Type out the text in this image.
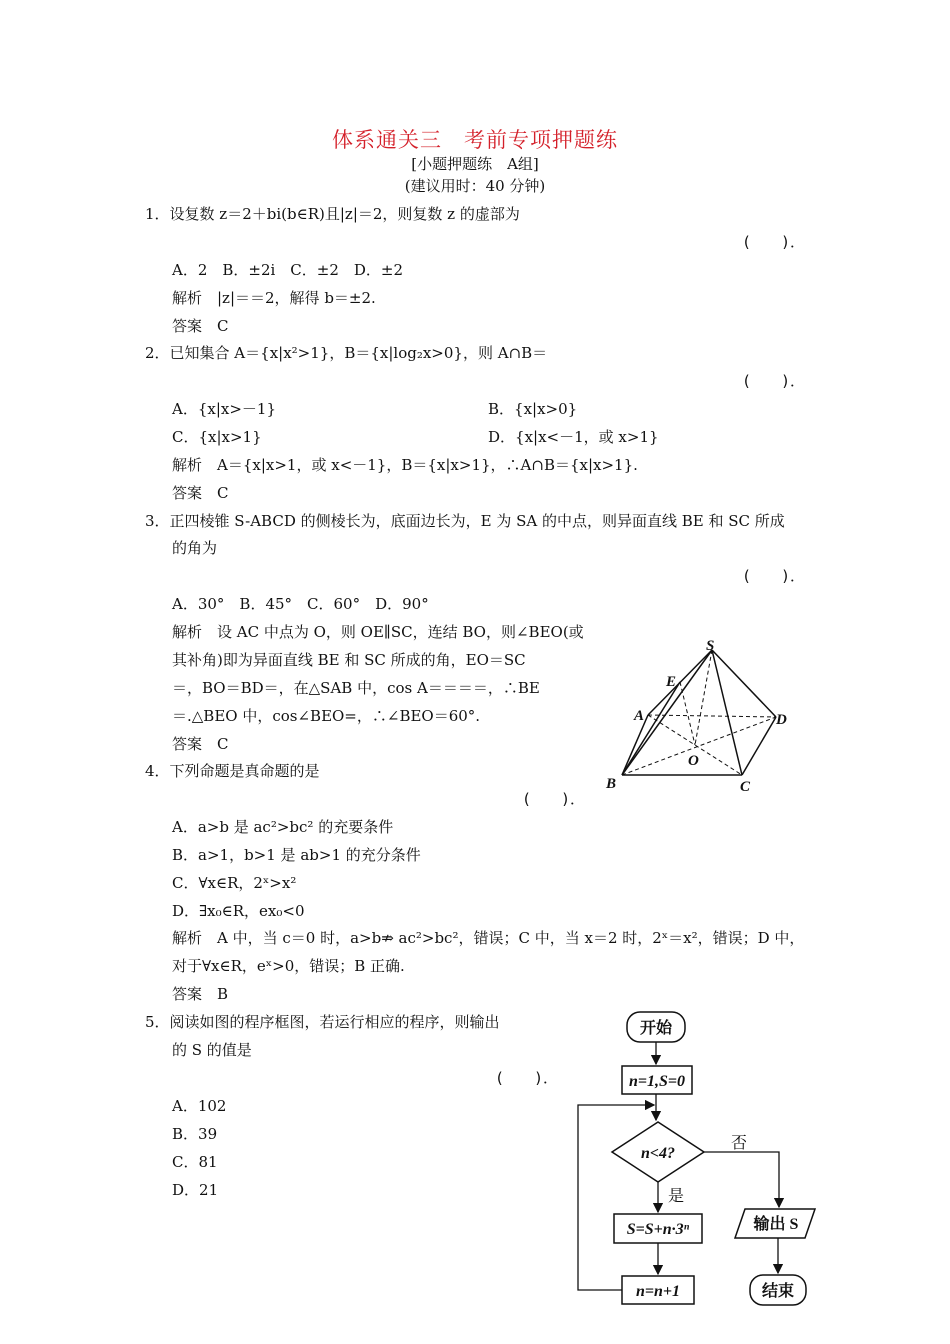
体系通关三　考前专项押题练
[小题押题练　A组]
(建议用时：40 分钟)
1．设复数 z＝2＋bi(b∈R)且|z|＝2，则复数 z 的虚部为
(　　)．
A．2　B．±2i　C．±2　D．±2
解析　|z|＝＝2，解得 b＝±2.
答案　C
2．已知集合 A＝{x|x²>1}，B＝{x|log₂x>0}，则 A∩B＝
(　　)．
A．{x|x>－1}	B．{x|x>0}
C．{x|x>1}	D．{x|x<－1，或 x>1}
解析　A＝{x|x>1，或 x<－1}，B＝{x|x>1}，∴A∩B＝{x|x>1}.
答案　C
3．正四棱锥 S-ABCD 的侧棱长为，底面边长为，E 为 SA 的中点，则异面直线 BE 和 SC 所成
的角为
(　　)．
A．30°　B．45°　C．60°　D．90°
解析　设 AC 中点为 O，则 OE∥SC，连结 BO，则∠BEO(或
其补角)即为异面直线 BE 和 SC 所成的角，EO＝SC
＝，BO＝BD＝，在△SAB 中，cos A＝＝＝＝，∴BE
＝.△BEO 中，cos∠BEO=，∴∠BEO＝60°.
答案　C
S
E
A	D
O
B	C
4．下列命题是真命题的是
(　　)．
A．a>b 是 ac²>bc² 的充要条件
B．a>1，b>1 是 ab>1 的充分条件
C．∀x∈R，2ˣ>x²
D．∃x₀∈R，ex₀<0
解析　A 中，当 c＝0 时，a>b⇏ ac²>bc²，错误；C 中，当 x＝2 时，2ˣ＝x²，错误；D 中，
对于∀x∈R，eˣ>0，错误；B 正确.
答案　B
5．阅读如图的程序框图，若运行相应的程序，则输出
的 S 的值是
(　　)．
A．102
B．39
C．81
D．21
开始
n=1,S=0
n<4?
否
是
S=S+n·3ⁿ	输出 S
n=n+1	结束
